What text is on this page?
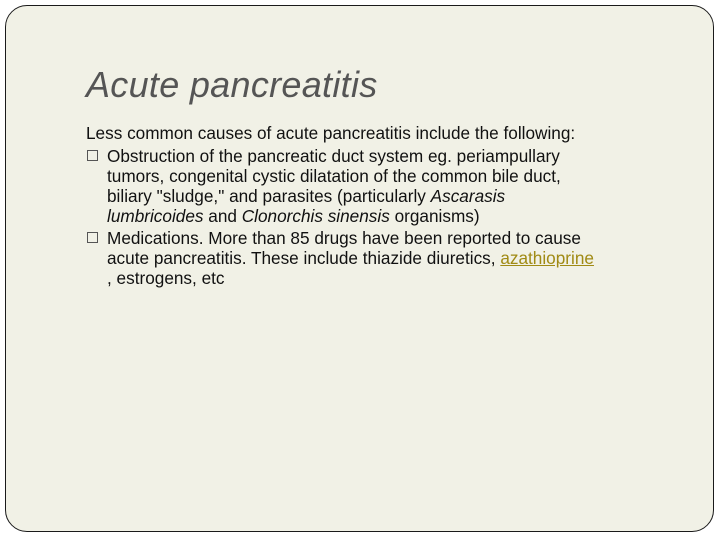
Acute pancreatitis
Less common causes of acute pancreatitis include the following:
Obstruction of the pancreatic duct system eg. periampullary
tumors, congenital cystic dilatation of the common bile duct,
biliary "sludge," and parasites (particularly Ascarasis
lumbricoides and Clonorchis sinensis organisms)
Medications. More than 85 drugs have been reported to cause
acute pancreatitis. These include thiazide diuretics, azathioprine
, estrogens, etc
